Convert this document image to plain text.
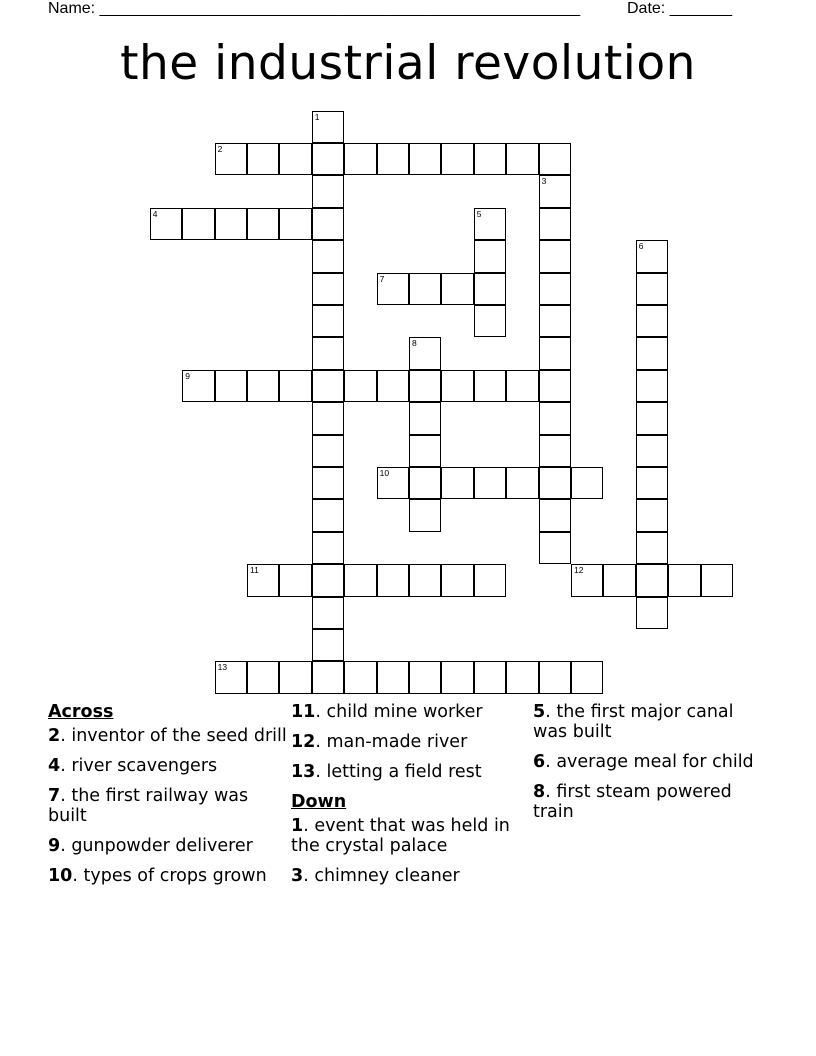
Name: ______________________________________________________	Date: _______
the industrial revolution
1
2
3
4	5
6
7
8
9
10
11	12
13
Across
2. inventor of the seed drill
4. river scavengers
7. the first railway was built
9. gunpowder deliverer
10. types of crops grown
11. child mine worker
12. man-made river
13. letting a field rest
Down
1. event that was held in the crystal palace
3. chimney cleaner
5. the first major canal was built
6. average meal for child
8. first steam powered train
